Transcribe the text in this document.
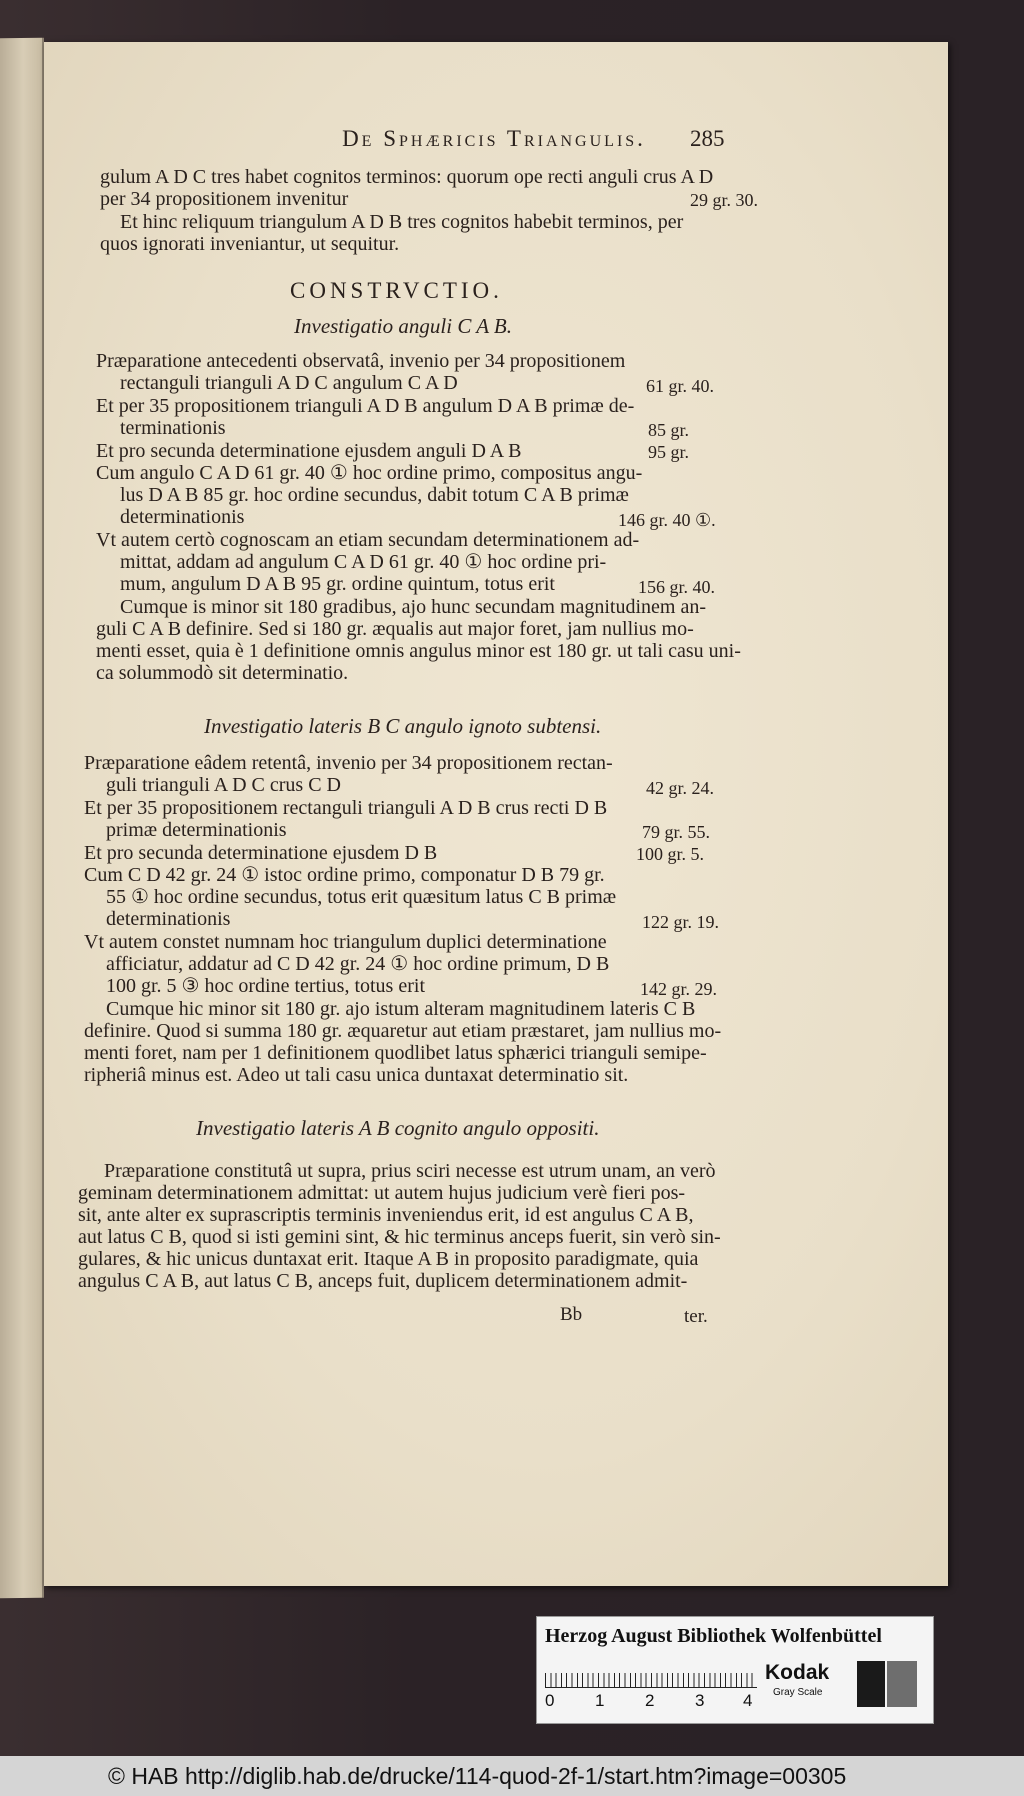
De Sphæricis Triangulis.	285
gulum A D C tres habet cognitos terminos: quorum ope recti anguli crus A D
per 34 propositionem invenitur	29 gr. 30.
Et hinc reliquum triangulum A D B tres cognitos habebit terminos, per
quos ignorati inveniantur, ut sequitur.
CONSTRVCTIO.
Investigatio anguli C A B.
Præparatione antecedenti observatâ, invenio per 34 propositionem
rectanguli trianguli A D C angulum C A D	61 gr. 40.
Et per 35 propositionem trianguli A D B angulum D A B primæ de-
terminationis	85 gr.
Et pro secunda determinatione ejusdem anguli D A B	95 gr.
Cum angulo C A D 61 gr. 40 ① hoc ordine primo, compositus angu-
lus D A B 85 gr. hoc ordine secundus, dabit totum C A B primæ
determinationis	146 gr. 40 ①.
Vt autem certò cognoscam an etiam secundam determinationem ad-
mittat, addam ad angulum C A D 61 gr. 40 ① hoc ordine pri-
mum, angulum D A B 95 gr. ordine quintum, totus erit	156 gr. 40.
Cumque is minor sit 180 gradibus, ajo hunc secundam magnitudinem an-
guli C A B definire. Sed si 180 gr. æqualis aut major foret, jam nullius mo-
menti esset, quia è 1 definitione omnis angulus minor est 180 gr. ut tali casu uni-
ca solummodò sit determinatio.
Investigatio lateris B C angulo ignoto subtensi.
Præparatione eâdem retentâ, invenio per 34 propositionem rectan-
guli trianguli A D C crus C D	42 gr. 24.
Et per 35 propositionem rectanguli trianguli A D B crus recti D B
primæ determinationis	79 gr. 55.
Et pro secunda determinatione ejusdem D B	100 gr. 5.
Cum C D 42 gr. 24 ① istoc ordine primo, componatur D B 79 gr.
55 ① hoc ordine secundus, totus erit quæsitum latus C B primæ
determinationis	122 gr. 19.
Vt autem constet numnam hoc triangulum duplici determinatione
afficiatur, addatur ad C D 42 gr. 24 ① hoc ordine primum, D B
100 gr. 5 ③ hoc ordine tertius, totus erit	142 gr. 29.
Cumque hic minor sit 180 gr. ajo istum alteram magnitudinem lateris C B
definire. Quod si summa 180 gr. æquaretur aut etiam præstaret, jam nullius mo-
menti foret, nam per 1 definitionem quodlibet latus sphærici trianguli semipe-
ripheriâ minus est. Adeo ut tali casu unica duntaxat determinatio sit.
Investigatio lateris A B cognito angulo oppositi.
Præparatione constitutâ ut supra, prius sciri necesse est utrum unam, an verò
geminam determinationem admittat: ut autem hujus judicium verè fieri pos-
sit, ante alter ex suprascriptis terminis inveniendus erit, id est angulus C A B,
aut latus C B, quod si isti gemini sint, & hic terminus anceps fuerit, sin verò sin-
gulares, & hic unicus duntaxat erit. Itaque A B in proposito paradigmate, quia
angulus C A B, aut latus C B, anceps fuit, duplicem determinationem admit-
Bb	ter.
Herzog August Bibliothek Wolfenbüttel
0 1 2 3 4
Kodak
Gray Scale
© HAB http://diglib.hab.de/drucke/114-quod-2f-1/start.htm?image=00305
